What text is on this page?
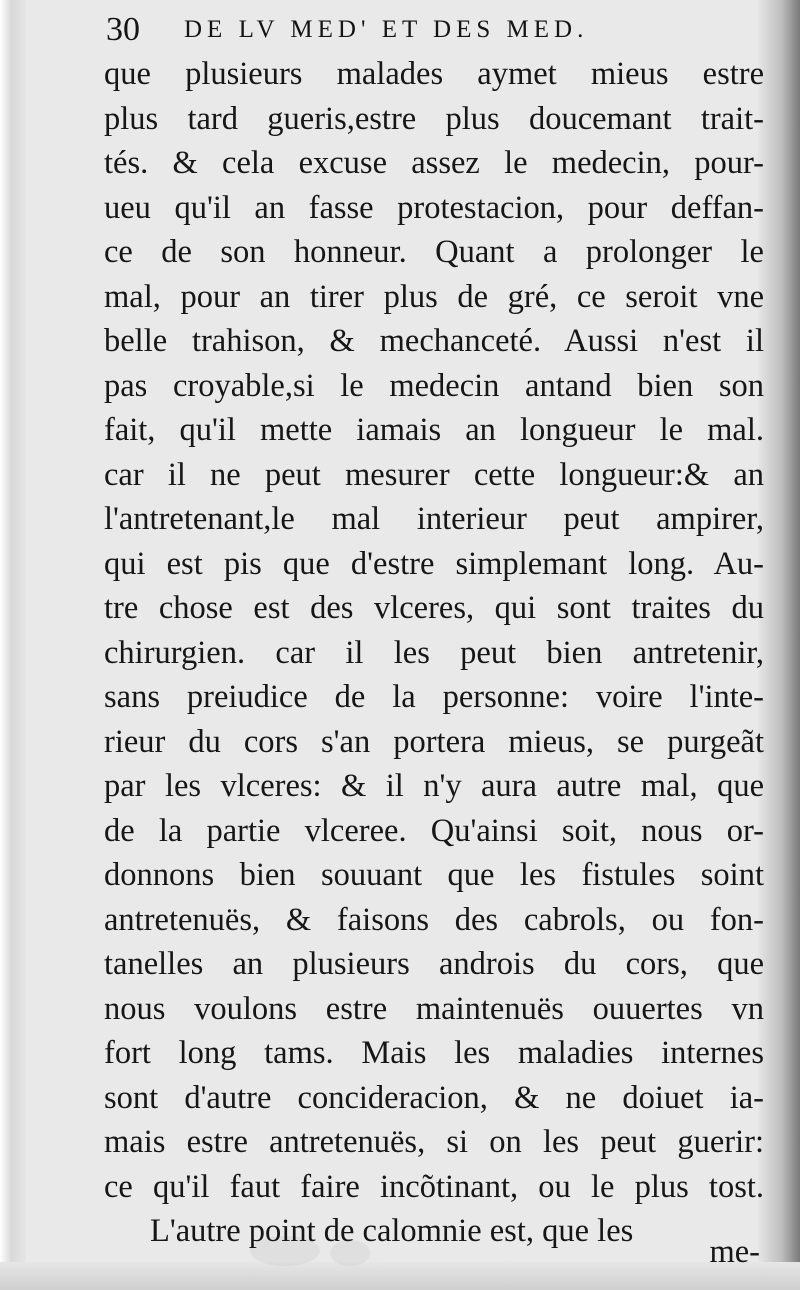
30 DE LV MED' ET DES MED.
que plusieurs malades aymet mieus estre
plus tard gueris,estre plus doucemant trait-
tés. & cela excuse assez le medecin, pour-
ueu qu'il an fasse protestacion, pour deffan-
ce de son honneur. Quant a prolonger le
mal, pour an tirer plus de gré, ce seroit vne
belle trahison, & mechanceté. Aussi n'est il
pas croyable,si le medecin antand bien son
fait, qu'il mette iamais an longueur le mal.
car il ne peut mesurer cette longueur:& an
l'antretenant,le mal interieur peut ampirer,
qui est pis que d'estre simplemant long. Au-
tre chose est des vlceres, qui sont traites du
chirurgien. car il les peut bien antretenir,
sans preiudice de la personne: voire l'inte-
rieur du cors s'an portera mieus, se purgeãt
par les vlceres: & il n'y aura autre mal, que
de la partie vlceree. Qu'ainsi soit, nous or-
donnons bien souuant que les fistules soint
antretenuës, & faisons des cabrols, ou fon-
tanelles an plusieurs androis du cors, que
nous voulons estre maintenuës ouuertes vn
fort long tams. Mais les maladies internes
sont d'autre concideracion, & ne doiuet ia-
mais estre antretenuës, si on les peut guerir:
ce qu'il faut faire incõtinant, ou le plus tost.
L'autre point de calomnie est, que les
me-
